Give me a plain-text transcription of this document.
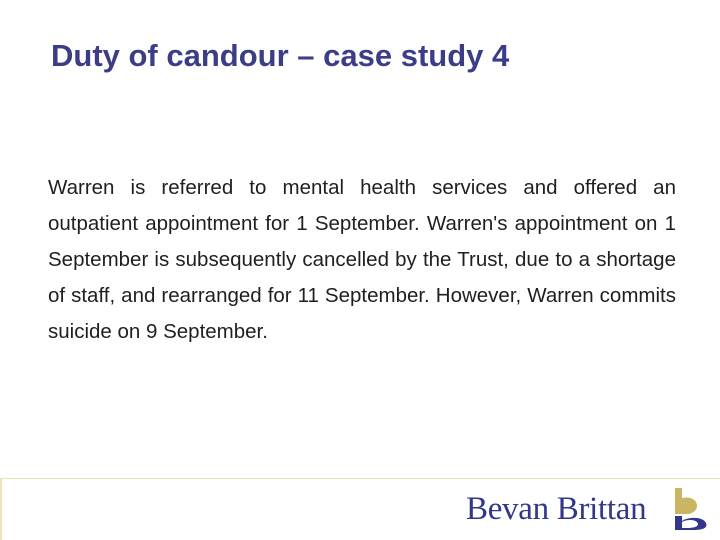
Duty of candour – case study 4

Warren is referred to mental health services and offered an outpatient appointment for 1 September. Warren's appointment on 1 September is subsequently cancelled by the Trust, due to a shortage of staff, and rearranged for 11 September. However, Warren commits suicide on 9 September.

Bevan Brittan
